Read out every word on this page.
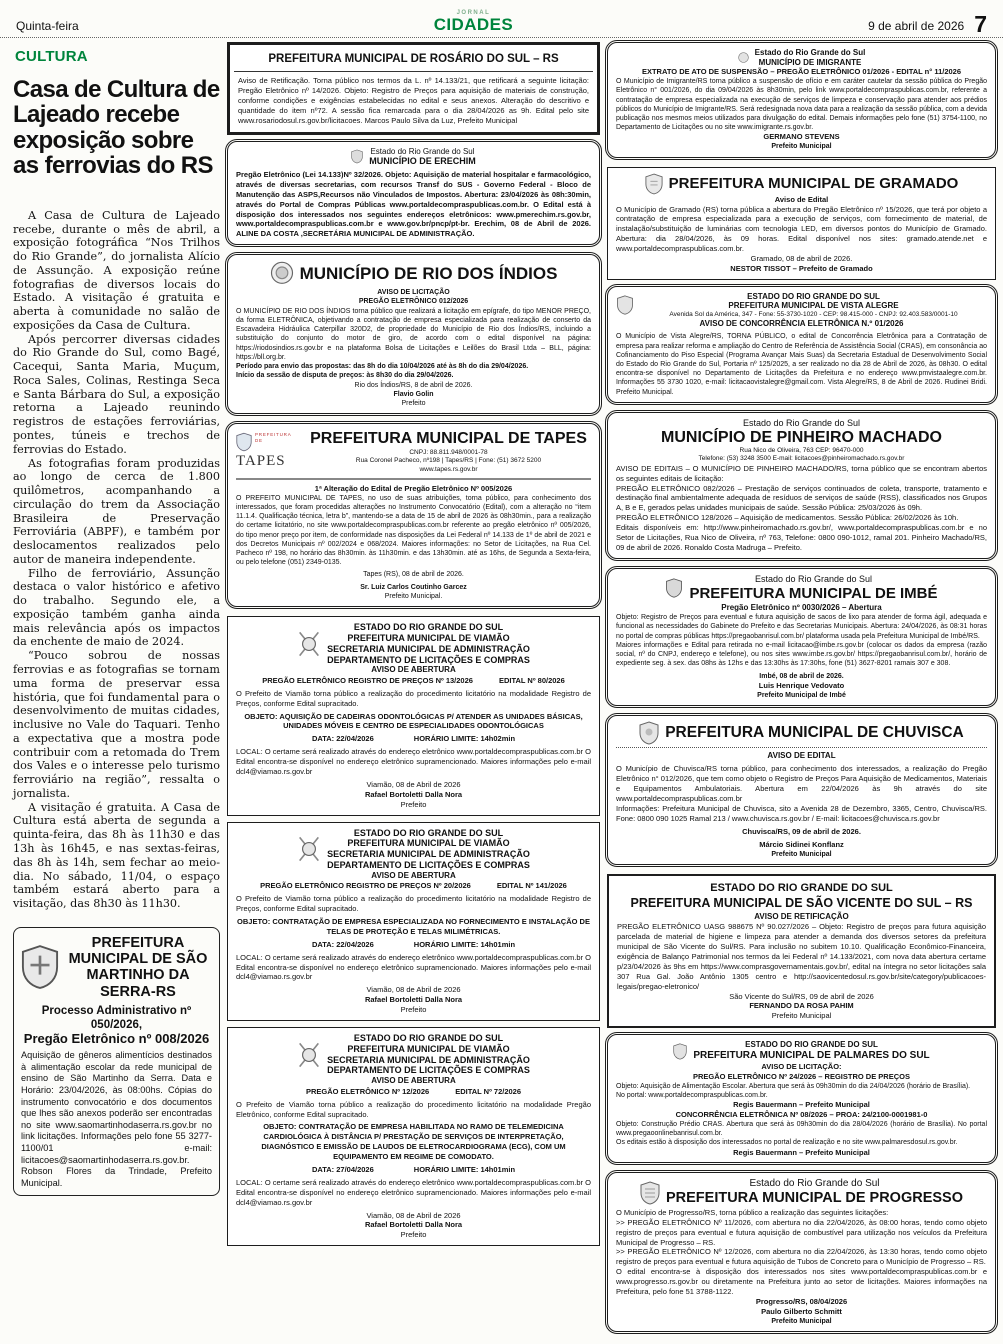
Quinta-feira
JORNAL
CIDADES	9 de abril de 2026 7
CULTURA
Casa de Cultura de Lajeado recebe exposição sobre as ferrovias do RS

A Casa de Cultura de Lajeado recebe, durante o mês de abril, a exposição fotográfica “Nos Trilhos do Rio Grande”, do jornalista Alício de Assunção. A exposição reúne fotografias de diversos locais do Estado. A visitação é gratuita e aberta à comunidade no salão de exposições da Casa de Cultura.

Após percorrer diversas cidades do Rio Grande do Sul, como Bagé, Cacequi, Santa Maria, Muçum, Roca Sales, Colinas, Restinga Seca e Santa Bárbara do Sul, a exposição retorna a Lajeado reunindo registros de estações ferroviárias, pontes, túneis e trechos de ferrovias do Estado.

As fotografias foram produzidas ao longo de cerca de 1.800 quilômetros, acompanhando a circulação do trem da Associação Brasileira de Preservação Ferroviária (ABPF), e também por deslocamentos realizados pelo autor de maneira independente.

Filho de ferroviário, Assunção destaca o valor histórico e afetivo do trabalho. Segundo ele, a exposição também ganha ainda mais relevância após os impactos da enchente de maio de 2024.

“Pouco sobrou de nossas ferrovias e as fotografias se tornam uma forma de preservar essa história, que foi fundamental para o desenvolvimento de muitas cidades, inclusive no Vale do Taquari. Tenho a expectativa que a mostra pode contribuir com a retomada do Trem dos Vales e o interesse pelo turismo ferroviário na região”, ressalta o jornalista.

A visitação é gratuita. A Casa de Cultura está aberta de segunda a quinta-feira, das 8h às 11h30 e das 13h às 16h45, e nas sextas-feiras, das 8h às 14h, sem fechar ao meio-dia. No sábado, 11/04, o espaço também estará aberto para a visitação, das 8h30 às 11h30.

PREFEITURA MUNICIPAL DE SÃO MARTINHO DA SERRA-RS
Processo Administrativo nº 050/2026,
Pregão Eletrônico nº 008/2026
Aquisição de gêneros alimentícios destinados à alimentação escolar da rede municipal de ensino de São Martinho da Serra. Data e Horário: 23/04/2026, às 08:00hs. Cópias do instrumento convocatório e dos documentos que lhes são anexos poderão ser encontradas no site www.saomartinhodaserra.rs.gov.br no link licitações. Informações pelo fone 55 3277-1100/01 e-mail: licitacoes@saomartinhodaserra.rs.gov.br. Robson Flores da Trindade, Prefeito Municipal.
PREFEITURA MUNICIPAL DE ROSÁRIO DO SUL – RS
Aviso de Retificação. Torna público nos termos da L. nº 14.133/21, que retificará a seguinte licitação: Pregão Eletrônico nº 14/2026. Objeto: Registro de Preços para aquisição de materiais de construção, conforme condições e exigências estabelecidas no edital e seus anexos. Alteração do descritivo e quantidade do item nº72. A sessão fica remarcada para o dia 28/04/2026 as 9h. Edital pelo site www.rosariodosul.rs.gov.br/licitacoes. Marcos Paulo Silva da Luz, Prefeito Municipal
Estado do Rio Grande do Sul
MUNICÍPIO DE ERECHIM
Pregão Eletrônico (Lei 14.133)Nº 32/2026. Objeto: Aquisição de material hospitalar e farmacológico, através de diversas secretarias, com recursos Transf do SUS - Governo Federal - Bloco de Manutenção das ASPS,Recursos não Vinculados de Impostos. Abertura: 23/04/2026 às 08h:30min, através do Portal de Compras Públicas www.portaldecompraspublicas.com.br. O Edital está à disposição dos interessados nos seguintes endereços eletrônicos: www.pmerechim.rs.gov.br, www.portaldecompraspublicas.com.br e www.gov.br/pncp/pt-br. Erechim, 08 de Abril de 2026. ALINE DA COSTA ,SECRETÁRIA MUNICIPAL DE ADMINISTRAÇÃO.
MUNICÍPIO DE RIO DOS ÍNDIOS
AVISO DE LICITAÇÃO
PREGÃO ELETRÔNICO 012/2026
O MUNICÍPIO DE RIO DOS ÍNDIOS torna público que realizará a licitação em epígrafe, do tipo MENOR PREÇO, da forma ELETRÔNICA, objetivando a contratação de empresa especializada para realização de conserto da Escavadeira Hidráulica Caterpillar 320D2, de propriedade do Município de Rio dos Índios/RS, incluindo a substituição do conjunto do motor de giro, de acordo com o edital disponível na página: https://riodosindios.rs.gov.br e na plataforma Bolsa de Licitações e Leilões do Brasil Ltda – BLL, página: https://bll.org.br.
Período para envio das propostas: das 8h do dia 10/04/2026 até às 8h do dia 29/04/2026.
Início da sessão de disputa de preços: às 8h30 do dia 29/04/2026.
Rio dos Índios/RS, 8 de abril de 2026.
Flavio Golin
Prefeito
PREFEITURA DE
TAPES
PREFEITURA MUNICIPAL DE TAPES
CNPJ: 88.811.948/0001-78
Rua Coronel Pacheco, nº198 | Tapes/RS | Fone: (51) 3672 5200
www.tapes.rs.gov.br
1ª Alteração do Edital de Pregão Eletrônico Nº 005/2026
O PREFEITO MUNICIPAL DE TAPES, no uso de suas atribuições, torna público, para conhecimento dos interessados, que foram procedidas alterações no Instrumento Convocatório (Edital), com a alteração no “item 11.1.4. Qualificação técnica, letra b”, mantendo-se a data de 15 de abril de 2026 às 08h30min., para a realização do certame licitatório, no site www.portaldecompraspublicas.com.br referente ao pregão eletrônico nº 005/2026, do tipo menor preço por item, de conformidade nas disposições da Lei Federal nº 14.133 de 1º de abril de 2021 e dos Decretos Municipais nº 002/2024 e 068/2024. Maiores informações: no Setor de Licitações, na Rua Cel. Pacheco nº 198, no horário das 8h30min. às 11h30min. e das 13h30min. até as 16hs, de Segunda a Sexta-feira, ou pelo telefone (051) 2349-0135.
Tapes (RS), 08 de abril de 2026.
Sr. Luiz Carlos Coutinho Garcez
Prefeito Municipal.
ESTADO DO RIO GRANDE DO SUL
PREFEITURA MUNICIPAL DE VIAMÃO
SECRETARIA MUNICIPAL DE ADMINISTRAÇÃO
DEPARTAMENTO DE LICITAÇÕES E COMPRAS
AVISO DE ABERTURA
PREGÃO ELETRÔNICO REGISTRO DE PREÇOS Nº 13/2026	EDITAL Nº 80/2026
O Prefeito de Viamão torna público a realização do procedimento licitatório na modalidade Registro de Preços, conforme Edital supracitado.
OBJETO: AQUISIÇÃO DE CADEIRAS ODONTOLÓGICAS P/ ATENDER AS UNIDADES BÁSICAS, UNIDADES MÓVEIS E CENTRO DE ESPECIALIDADES ODONTOLÓGICAS
DATA: 22/04/2026	HORÁRIO LIMITE: 14h02min
LOCAL: O certame será realizado através do endereço eletrônico www.portaldecompraspublicas.com.br O Edital encontra-se disponível no endereço eletrônico supramencionado. Maiores informações pelo e-mail dcl4@viamao.rs.gov.br
Viamão, 08 de Abril de 2026
Rafael Bortoletti Dalla Nora
Prefeito
ESTADO DO RIO GRANDE DO SUL
PREFEITURA MUNICIPAL DE VIAMÃO
SECRETARIA MUNICIPAL DE ADMINISTRAÇÃO
DEPARTAMENTO DE LICITAÇÕES E COMPRAS
AVISO DE ABERTURA
PREGÃO ELETRÔNICO REGISTRO DE PREÇOS Nº 20/2026	EDITAL Nº 141/2026
O Prefeito de Viamão torna público a realização do procedimento licitatório na modalidade Registro de Preços, conforme Edital supracitado.
OBJETO: CONTRATAÇÃO DE EMPRESA ESPECIALIZADA NO FORNECIMENTO E INSTALAÇÃO DE TELAS DE PROTEÇÃO E TELAS MILIMÉTRICAS.
DATA: 22/04/2026	HORÁRIO LIMITE: 14h01min
LOCAL: O certame será realizado através do endereço eletrônico www.portaldecompraspublicas.com.br O Edital encontra-se disponível no endereço eletrônico supramencionado. Maiores informações pelo e-mail dcl4@viamao.rs.gov.br
Viamão, 08 de Abril de 2026
Rafael Bortoletti Dalla Nora
Prefeito
ESTADO DO RIO GRANDE DO SUL
PREFEITURA MUNICIPAL DE VIAMÃO
SECRETARIA MUNICIPAL DE ADMINISTRAÇÃO
DEPARTAMENTO DE LICITAÇÕES E COMPRAS
AVISO DE ABERTURA
PREGÃO ELETRÔNICO Nº 12/2026	EDITAL Nº 72/2026
O Prefeito de Viamão torna público a realização do procedimento licitatório na modalidade Pregão Eletrônico, conforme Edital supracitado.
OBJETO: CONTRATAÇÃO DE EMPRESA HABILITADA NO RAMO DE TELEMEDICINA CARDIOLÓGICA À DISTÂNCIA P/ PRESTAÇÃO DE SERVIÇOS DE INTERPRETAÇÃO, DIAGNÓSTICO E EMISSÃO DE LAUDOS DE ELETROCARDIOGRAMA (ECG), COM UM EQUIPAMENTO EM REGIME DE COMODATO.
DATA: 27/04/2026	HORÁRIO LIMITE: 14h01min
LOCAL: O certame será realizado através do endereço eletrônico www.portaldecompraspublicas.com.br O Edital encontra-se disponível no endereço eletrônico supramencionado. Maiores informações pelo e-mail dcl4@viamao.rs.gov.br
Viamão, 08 de Abril de 2026
Rafael Bortoletti Dalla Nora
Prefeito
Estado do Rio Grande do Sul
MUNICÍPIO DE IMIGRANTE
EXTRATO DE ATO DE SUSPENSÃO – PREGÃO ELETRÔNICO 01/2026 - EDITAL n° 11/2026
O Município de Imigrante/RS torna público a suspensão de ofício e em caráter cautelar da sessão pública do Pregão Eletrônico n° 001/2026, do dia 09/04/2026 às 8h30min, pelo link www.portaldecompraspublicas.com.br, referente a contratação de empresa especializada na execução de serviços de limpeza e conservação para atender aos prédios públicos do Município de Imigrante/RS. Será redesignada nova data para a realização da sessão pública, com a devida publicação nos mesmos meios utilizados para divulgação do edital. Demais informações pelo fone (51) 3754-1100, no Departamento de Licitações ou no site www.imigrante.rs.gov.br.
GERMANO STEVENS
Prefeito Municipal
PREFEITURA MUNICIPAL DE GRAMADO
Aviso de Edital
O Município de Gramado (RS) torna pública a abertura do Pregão Eletrônico nº 15/2026, que terá por objeto a contratação de empresa especializada para a execução de serviços, com fornecimento de material, de instalação/substituição de luminárias com tecnologia LED, em diversos pontos do Município de Gramado. Abertura: dia 28/04/2026, às 09 horas. Edital disponível nos sites: gramado.atende.net e www.portaldecompraspublicas.com.br.
Gramado, 08 de abril de 2026.
NESTOR TISSOT – Prefeito de Gramado
ESTADO DO RIO GRANDE DO SUL
PREFEITURA MUNICIPAL DE VISTA ALEGRE
Avenida Sol da América, 347 - Fone: 55-3730-1020 - CEP: 98.415-000 - CNPJ: 92.403.583/0001-10
AVISO DE CONCORRÊNCIA ELETRÔNICA N.º 01/2026
O Município de Vista Alegre/RS, TORNA PÚBLICO, o edital de Concorrência Eletrônica para a Contratação de empresa para realizar reforma e ampliação do Centro de Referência de Assistência Social (CRAS), em consonância ao Cofinanciamento do Piso Especial (Programa Avançar Mais Suas) da Secretaria Estadual de Desenvolvimento Social do Estado do Rio Grande do Sul, Portaria nº 125/2025, a ser realizado no dia 28 de Abril de 2026, às 08h30. O edital encontra-se disponível no Departamento de Licitações da Prefeitura e no endereço www.pmvistaalegre.com.br. Informações 55 3730 1020, e-mail: licitacaovistalegre@gmail.com. Vista Alegre/RS, 8 de Abril de 2026. Rudinei Bridi. Prefeito Municipal.
Estado do Rio Grande do Sul
MUNICÍPIO DE PINHEIRO MACHADO
Rua Nico de Oliveira, 763 CEP: 96470-000
Telefone: (53) 3248 3500 E-mail: licitacoes@pinheiromachado.rs.gov.br
AVISO DE EDITAIS – O MUNICÍPIO DE PINHEIRO MACHADO/RS, torna público que se encontram abertos os seguintes editais de licitação:
PREGÃO ELETRÔNICO 082/2026 – Prestação de serviços continuados de coleta, transporte, tratamento e destinação final ambientalmente adequada de resíduos de serviços de saúde (RSS), classificados nos Grupos A, B e E, gerados pelas unidades municipais de saúde. Sessão Pública: 25/03/2026 às 09h.
PREGÃO ELETRÔNICO 128/2026 – Aquisição de medicamentos. Sessão Pública: 26/02/2026 às 10h.
Editais disponíveis em: http://www.pinheiromachado.rs.gov.br/, www.portaldecompraspublicas.com.br e no Setor de Licitações, Rua Nico de Oliveira, nº 763, Telefone: 0800 090-1012, ramal 201. Pinheiro Machado/RS, 09 de abril de 2026. Ronaldo Costa Madruga – Prefeito.
Estado do Rio Grande do Sul
PREFEITURA MUNICIPAL DE IMBÉ
Pregão Eletrônico nº 0030/2026 – Abertura
Objeto: Registro de Preços para eventual e futura aquisição de sacos de lixo para atender de forma ágil, adequada e funcional as necessidades do Gabinete do Prefeito e das Secretarias Municipais. Abertura: 24/04/2026, às 08:31 horas no portal de compras públicas https://pregaobanrisul.com.br/ plataforma usada pela Prefeitura Municipal de Imbé/RS.
Maiores informações e Edital para retirada no e-mail licitacao@imbe.rs.gov.br (colocar os dados da empresa (razão social, nº do CNPJ, endereço e telefone), ou nos sites www.imbe.rs.gov.br/ https://pregaobanrisul.com.br/, horário de expediente seg. à sex. das 08hs às 12hs e das 13:30hs às 17:30hs, fone (51) 3627-8201 ramais 307 e 308.
Imbé, 08 de abril de 2026.
Luis Henrique Vedovato
Prefeito Municipal de Imbé
PREFEITURA MUNICIPAL DE CHUVISCA
AVISO DE EDITAL
O Município de Chuvisca/RS torna público, para conhecimento dos interessados, a realização do Pregão Eletrônico n° 012/2026, que tem como objeto o Registro de Preços Para Aquisição de Medicamentos, Materiais e Equipamentos Ambulatoriais. Abertura em 22/04/2026 às 9h através do site www.portaldecompraspublicas.com.br
Informações: Prefeitura Municipal de Chuvisca, sito a Avenida 28 de Dezembro, 3365, Centro, Chuvisca/RS. Fone: 0800 090 1025 Ramal 213 / www.chuvisca.rs.gov.br / E-mail: licitacoes@chuvisca.rs.gov.br
Chuvisca/RS, 09 de abril de 2026.
Márcio Sidinei Konflanz
Prefeito Municipal
ESTADO DO RIO GRANDE DO SUL
PREFEITURA MUNICIPAL DE SÃO VICENTE DO SUL – RS
AVISO DE RETIFICAÇÃO
PREGÃO ELETRÔNICO UASG 988675 Nº 90.027/2026 – Objeto: Registro de preços para futura aquisição parcelada de material de higiene e limpeza para atender a demanda dos diversos setores da prefeitura municipal de São Vicente do Sul/RS. Para inclusão no subitem 10.10. Qualificação Econômico-Financeira, exigência de Balanço Patrimonial nos termos da lei Federal nº 14.133/2021, com nova data abertura certame p/23/04/2026 às 9hs em https://www.comprasgovernamentais.gov.br/, edital na íntegra no setor licitações sala 307 Rua Gal. João Antônio 1305 centro e http://saovicentedosul.rs.gov.br/site/category/publicacoes-legais/pregao-eletronico/
São Vicente do Sul/RS, 09 de abril de 2026
FERNANDO DA ROSA PAHIM
Prefeito Municipal
ESTADO DO RIO GRANDE DO SUL
PREFEITURA MUNICIPAL DE PALMARES DO SUL
AVISO DE LICITAÇÃO:
PREGÃO ELETRÔNICO Nº 24/2026 – REGISTRO DE PREÇOS
Objeto: Aquisição de Alimentação Escolar. Abertura que será às 09h30min do dia 24/04/2026 (horário de Brasília).
No portal: www.portaldecompraspublicas.com.br.
Regis Bauermann – Prefeito Municipal
CONCORRÊNCIA ELETRÔNICA Nº 08/2026 – PROA: 24/2100-0001981-0
Objeto: Construção Prédio CRAS. Abertura que será às 09h30min do dia 28/04/2026 (horário de Brasília). No portal www.pregaoonlinebanrisul.com.br.
Os editais estão à disposição dos interessados no portal de realização e no site www.palmaresdosul.rs.gov.br.
Regis Bauermann – Prefeito Municipal
Estado do Rio Grande do Sul
PREFEITURA MUNICIPAL DE PROGRESSO
O Município de Progresso/RS, torna público a realização das seguintes licitações:
>> PREGÃO ELETRÔNICO Nº 11/2026, com abertura no dia 22/04/2026, às 08:00 horas, tendo como objeto registro de preços para eventual e futura aquisição de combustível para utilização nos veículos da Prefeitura Municipal de Progresso – RS.
>> PREGÃO ELETRÔNICO Nº 12/2026, com abertura no dia 22/04/2026, às 13:30 horas, tendo como objeto registro de preços para eventual e futura aquisição de Tubos de Concreto para o Município de Progresso – RS.
O edital encontra-se à disposição dos interessados nos sites www.portaldecompraspublicas.com.br e www.progresso.rs.gov.br ou diretamente na Prefeitura junto ao setor de licitações. Maiores informações na Prefeitura, pelo fone 51 3788-1122.
Progresso/RS, 08/04/2026
Paulo Gilberto Schmitt
Prefeito Municipal
